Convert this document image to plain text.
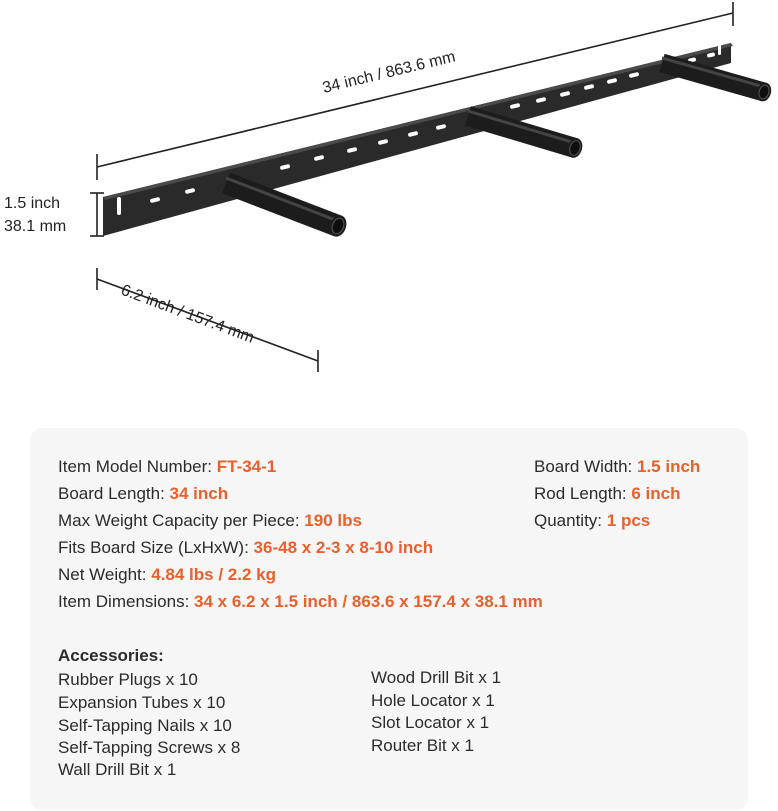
34 inch / 863.6 mm
1.5 inch
38.1 mm
6.2 inch / 157.4 mm
Item Model Number: FT-34-1
Board Length: 34 inch
Max Weight Capacity per Piece: 190 lbs
Fits Board Size (LxHxW): 36-48 x 2-3 x 8-10 inch
Net Weight: 4.84 lbs / 2.2 kg
Item Dimensions: 34 x 6.2 x 1.5 inch / 863.6 x 157.4 x 38.1 mm
Board Width: 1.5 inch
Rod Length: 6 inch
Quantity: 1 pcs
Accessories:
Rubber Plugs x 10
Expansion Tubes x 10
Self-Tapping Nails x 10
Self-Tapping Screws x 8
Wall Drill Bit x 1
Wood Drill Bit x 1
Hole Locator x 1
Slot Locator x 1
Router Bit x 1
